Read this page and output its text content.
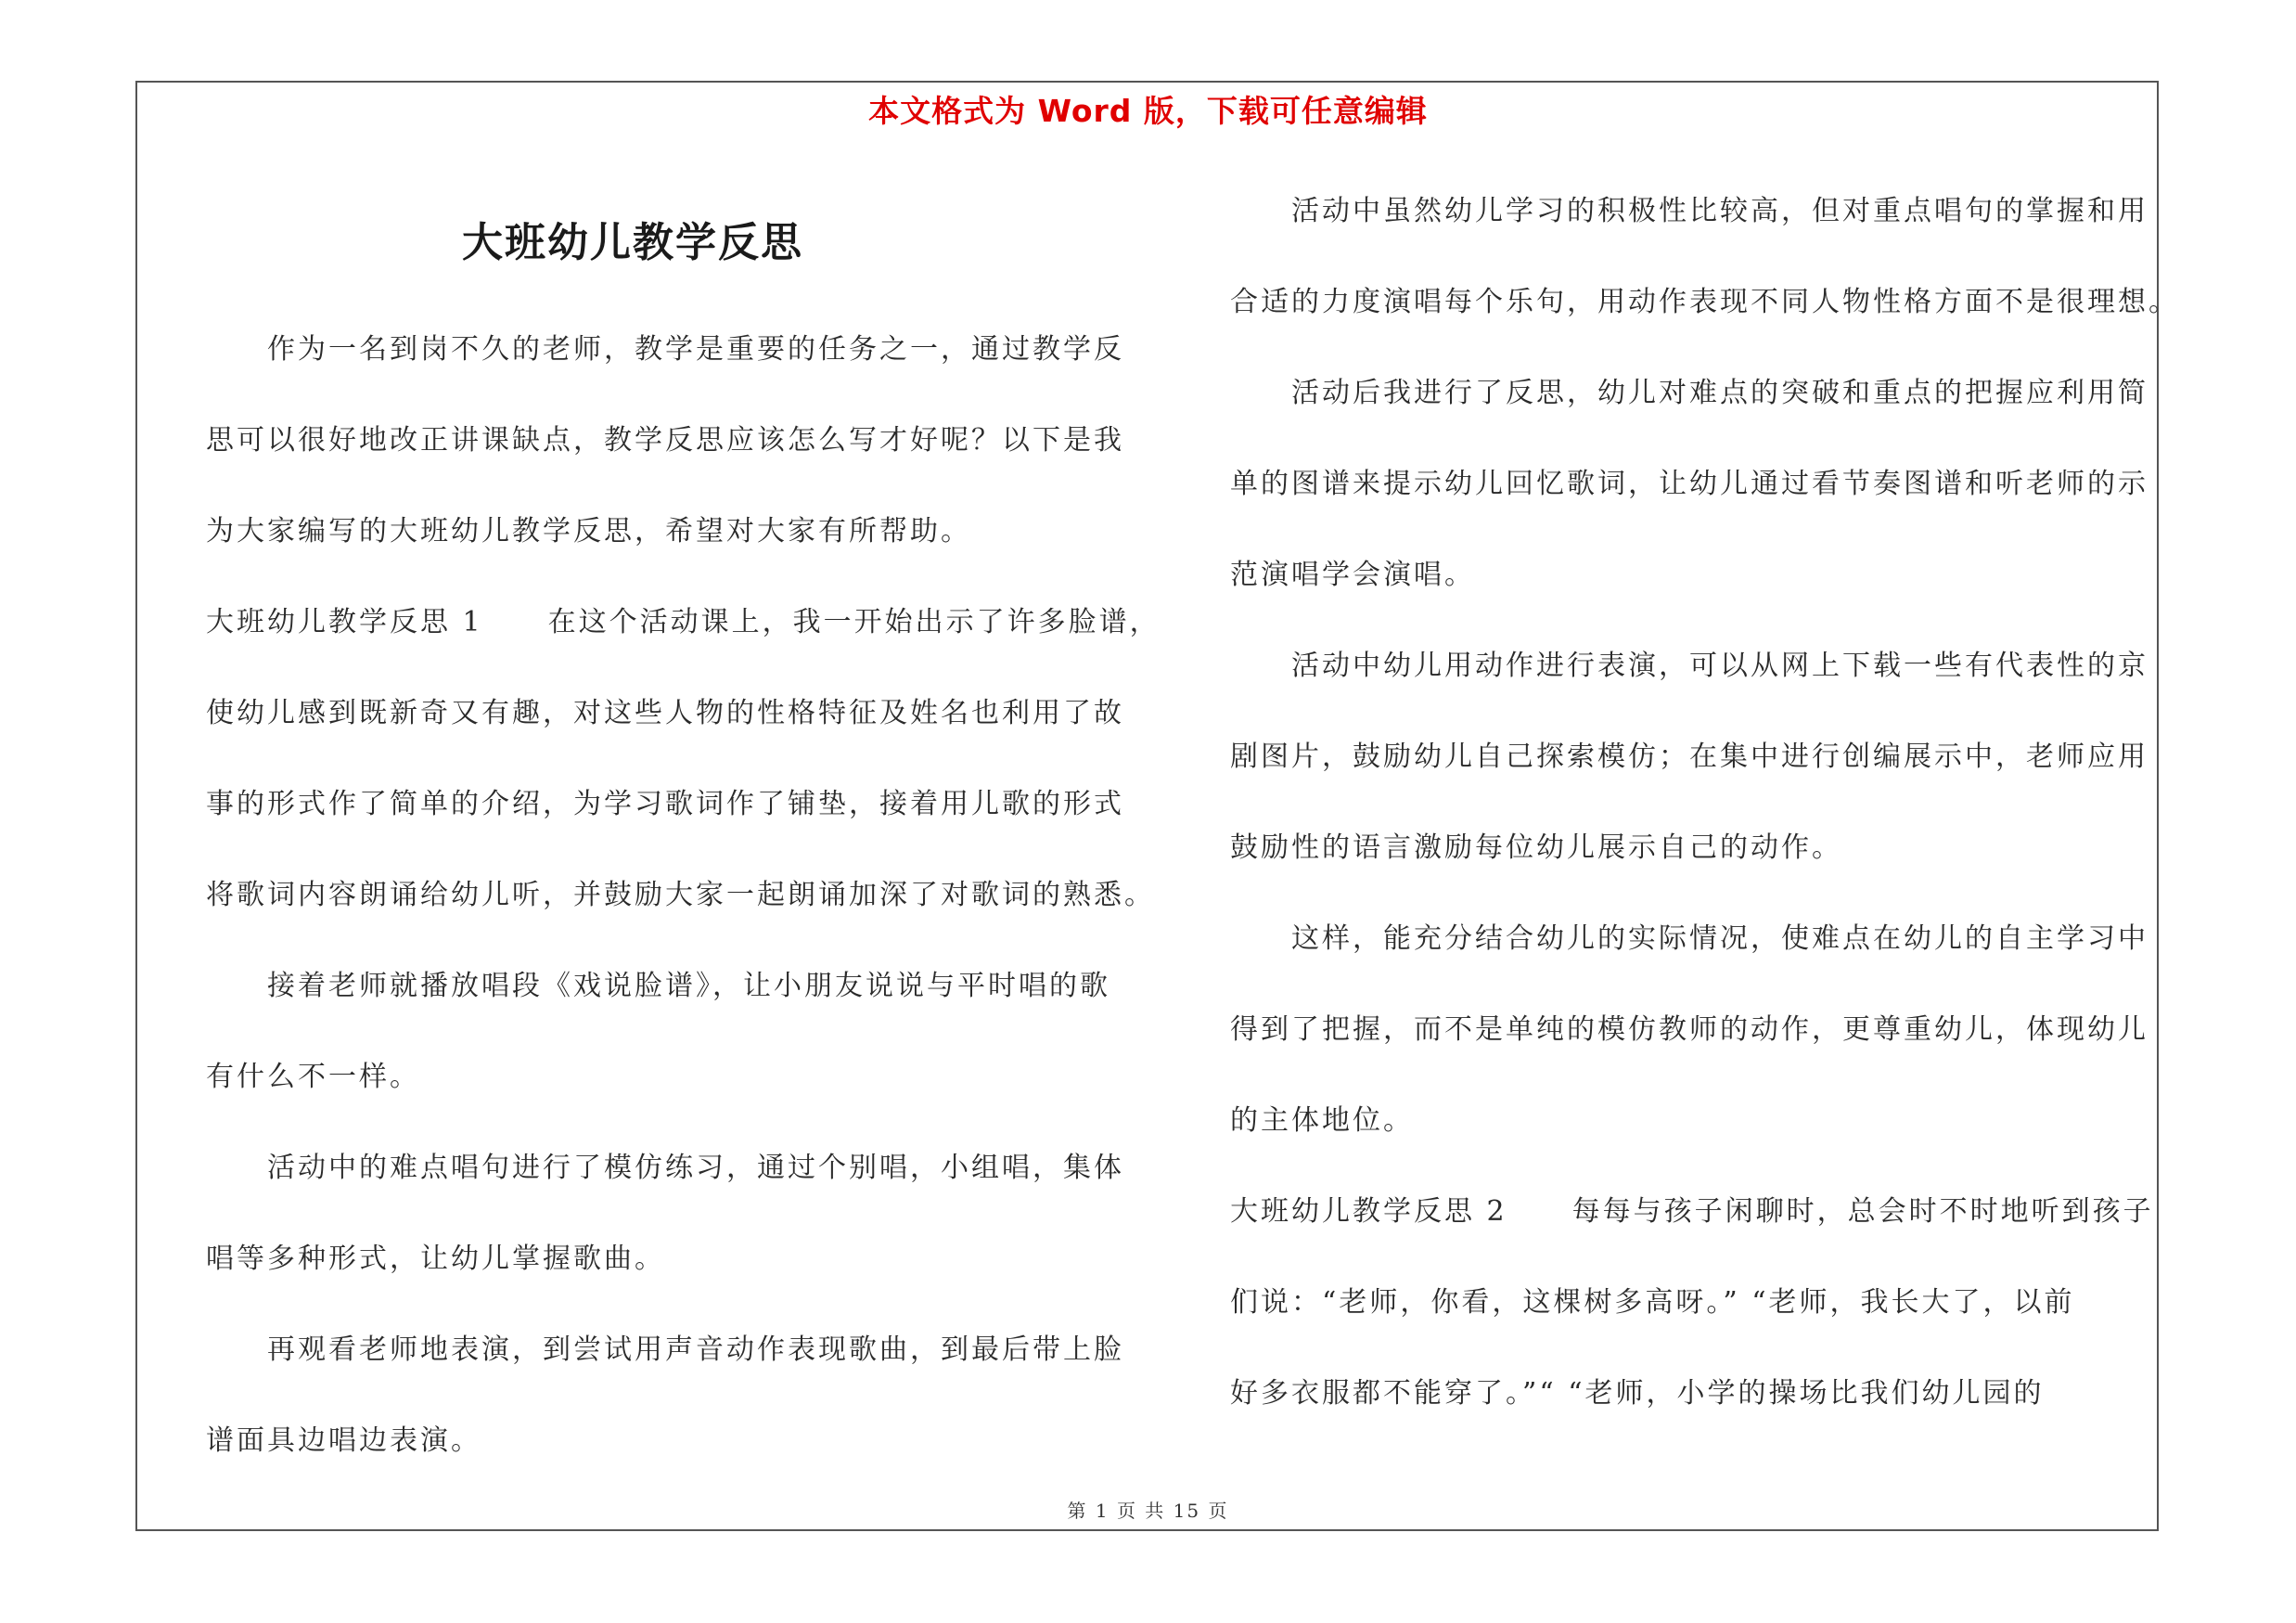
本文格式为 Word 版，下载可任意编辑
大班幼儿教学反思
作为一名到岗不久的老师，教学是重要的任务之一，通过教学反
思可以很好地改正讲课缺点，教学反思应该怎么写才好呢？以下是我
为大家编写的大班幼儿教学反思，希望对大家有所帮助。
大班幼儿教学反思 1 在这个活动课上，我一开始出示了许多脸谱，
使幼儿感到既新奇又有趣，对这些人物的性格特征及姓名也利用了故
事的形式作了简单的介绍，为学习歌词作了铺垫，接着用儿歌的形式
将歌词内容朗诵给幼儿听，并鼓励大家一起朗诵加深了对歌词的熟悉。
接着老师就播放唱段《戏说脸谱》，让小朋友说说与平时唱的歌
有什么不一样。
活动中的难点唱句进行了模仿练习，通过个别唱，小组唱，集体
唱等多种形式，让幼儿掌握歌曲。
再观看老师地表演，到尝试用声音动作表现歌曲，到最后带上脸
谱面具边唱边表演。
活动中虽然幼儿学习的积极性比较高，但对重点唱句的掌握和用
合适的力度演唱每个乐句，用动作表现不同人物性格方面不是很理想。
活动后我进行了反思，幼儿对难点的突破和重点的把握应利用简
单的图谱来提示幼儿回忆歌词，让幼儿通过看节奏图谱和听老师的示
范演唱学会演唱。
活动中幼儿用动作进行表演，可以从网上下载一些有代表性的京
剧图片，鼓励幼儿自己探索模仿；在集中进行创编展示中，老师应用
鼓励性的语言激励每位幼儿展示自己的动作。
这样，能充分结合幼儿的实际情况，使难点在幼儿的自主学习中
得到了把握，而不是单纯的模仿教师的动作，更尊重幼儿，体现幼儿
的主体地位。
大班幼儿教学反思 2 每每与孩子闲聊时，总会时不时地听到孩子
们说：“老师，你看，这棵树多高呀。” “老师，我长大了，以前
好多衣服都不能穿了。”“ “老师，小学的操场比我们幼儿园的
第 1 页 共 15 页
